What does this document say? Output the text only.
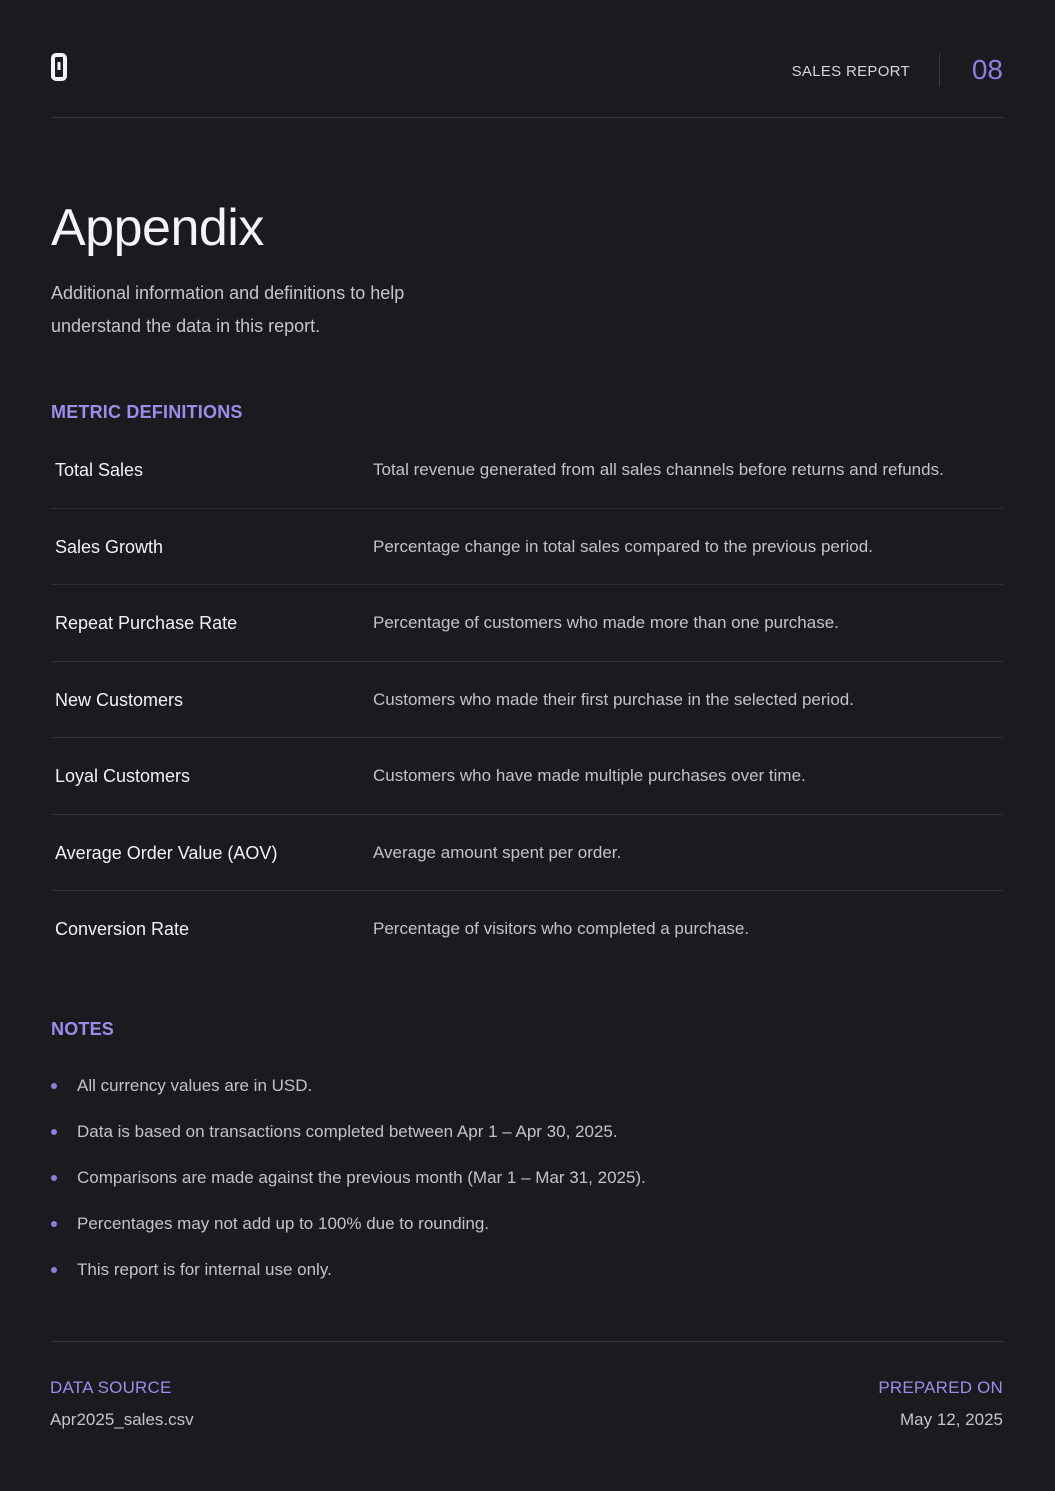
SALES REPORT 08
Appendix

Additional information and definitions to help understand the data in this report.

METRIC DEFINITIONS
Total Sales	Total revenue generated from all sales channels before returns and refunds.
Sales Growth	Percentage change in total sales compared to the previous period.
Repeat Purchase Rate	Percentage of customers who made more than one purchase.
New Customers	Customers who made their first purchase in the selected period.
Loyal Customers	Customers who have made multiple purchases over time.
Average Order Value (AOV)	Average amount spent per order.
Conversion Rate	Percentage of visitors who completed a purchase.
NOTES
All currency values are in USD.
Data is based on transactions completed between Apr 1 – Apr 30, 2025.
Comparisons are made against the previous month (Mar 1 – Mar 31, 2025).
Percentages may not add up to 100% due to rounding.
This report is for internal use only.
DATA SOURCE
Apr2025_sales.csv
PREPARED ON
May 12, 2025
